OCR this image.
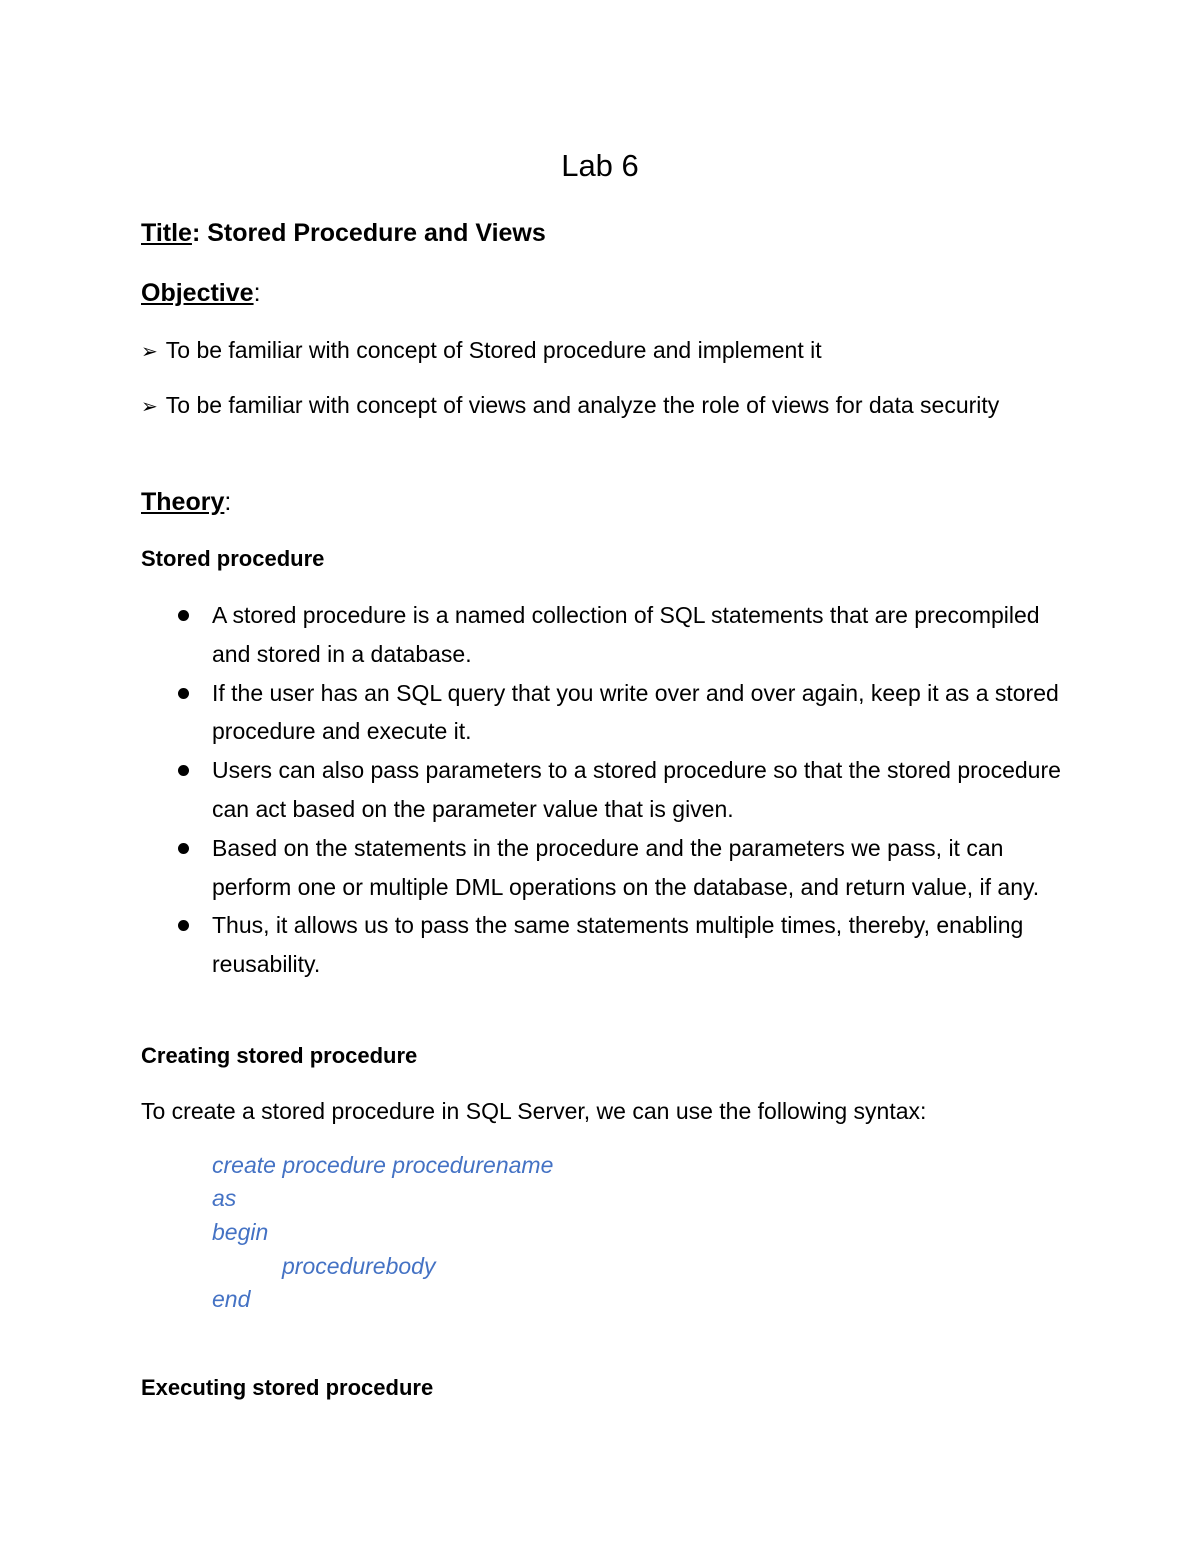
Lab 6
Title: Stored Procedure and Views
Objective:
➢ To be familiar with concept of Stored procedure and implement it
➢ To be familiar with concept of views and analyze the role of views for data security
Theory:
Stored procedure
A stored procedure is a named collection of SQL statements that are precompiled and stored in a database.
If the user has an SQL query that you write over and over again, keep it as a stored procedure and execute it.
Users can also pass parameters to a stored procedure so that the stored procedure can act based on the parameter value that is given.
Based on the statements in the procedure and the parameters we pass, it can perform one or multiple DML operations on the database, and return value, if any.
Thus, it allows us to pass the same statements multiple times, thereby, enabling reusability.
Creating stored procedure
To create a stored procedure in SQL Server, we can use the following syntax:
create procedure procedurename
as
begin
procedurebody
end
Executing stored procedure
